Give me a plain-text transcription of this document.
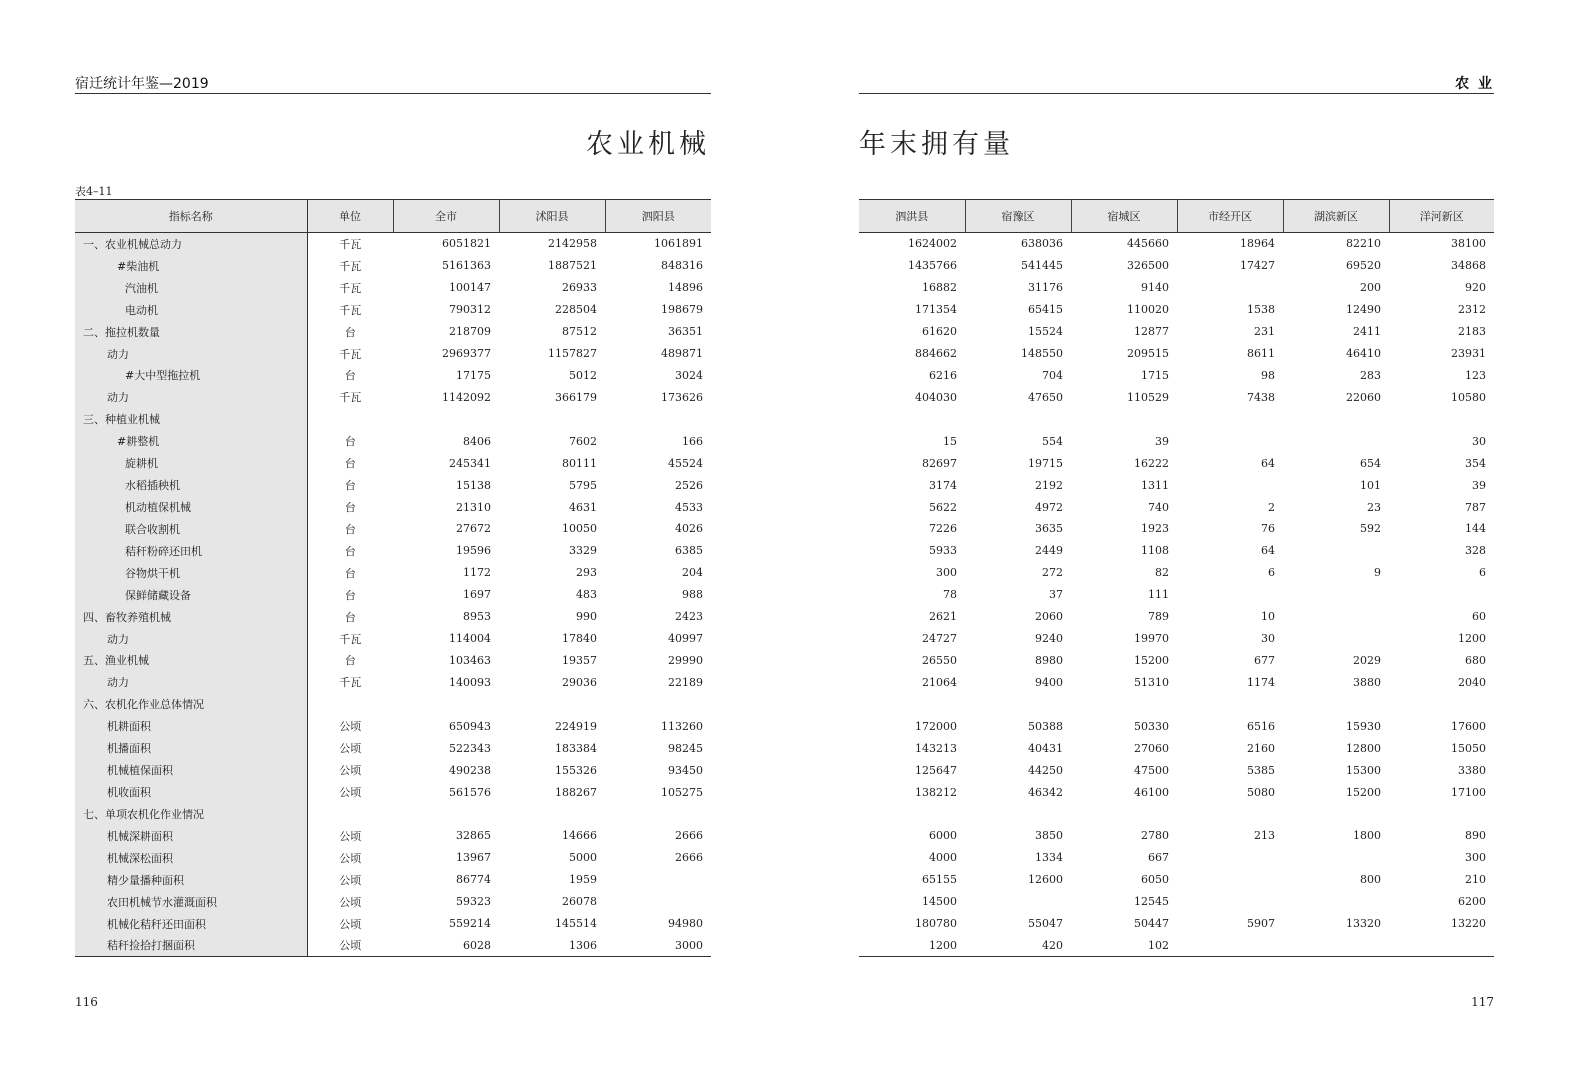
宿迁统计年鉴—2019
农业机械
表4–11
指标名称	单位	全市	沭阳县	泗阳县
一、农业机械总动力	千瓦	6051821	2142958	1061891
#柴油机	千瓦	5161363	1887521	848316
汽油机	千瓦	100147	26933	14896
电动机	千瓦	790312	228504	198679
二、拖拉机数量	台	218709	87512	36351
动力	千瓦	2969377	1157827	489871
#大中型拖拉机	台	17175	5012	3024
动力	千瓦	1142092	366179	173626
三、种植业机械				
#耕整机	台	8406	7602	166
旋耕机	台	245341	80111	45524
水稻插秧机	台	15138	5795	2526
机动植保机械	台	21310	4631	4533
联合收割机	台	27672	10050	4026
秸秆粉碎还田机	台	19596	3329	6385
谷物烘干机	台	1172	293	204
保鲜储藏设备	台	1697	483	988
四、畜牧养殖机械	台	8953	990	2423
动力	千瓦	114004	17840	40997
五、渔业机械	台	103463	19357	29990
动力	千瓦	140093	29036	22189
六、农机化作业总体情况				
机耕面积	公顷	650943	224919	113260
机播面积	公顷	522343	183384	98245
机械植保面积	公顷	490238	155326	93450
机收面积	公顷	561576	188267	105275
七、单项农机化作业情况				
机械深耕面积	公顷	32865	14666	2666
机械深松面积	公顷	13967	5000	2666
精少量播种面积	公顷	86774	1959	
农田机械节水灌溉面积	公顷	59323	26078	
机械化秸秆还田面积	公顷	559214	145514	94980
秸秆捡拾打捆面积	公顷	6028	1306	3000
116
农 业
年末拥有量
泗洪县	宿豫区	宿城区	市经开区	湖滨新区	洋河新区
1624002	638036	445660	18964	82210	38100
1435766	541445	326500	17427	69520	34868
16882	31176	9140		200	920
171354	65415	110020	1538	12490	2312
61620	15524	12877	231	2411	2183
884662	148550	209515	8611	46410	23931
6216	704	1715	98	283	123
404030	47650	110529	7438	22060	10580

15	554	39			30
82697	19715	16222	64	654	354
3174	2192	1311		101	39
5622	4972	740	2	23	787
7226	3635	1923	76	592	144
5933	2449	1108	64		328
300	272	82	6	9	6
78	37	111			
2621	2060	789	10		60
24727	9240	19970	30		1200
26550	8980	15200	677	2029	680
21064	9400	51310	1174	3880	2040

172000	50388	50330	6516	15930	17600
143213	40431	27060	2160	12800	15050
125647	44250	47500	5385	15300	3380
138212	46342	46100	5080	15200	17100

6000	3850	2780	213	1800	890
4000	1334	667			300
65155	12600	6050		800	210
14500		12545			6200
180780	55047	50447	5907	13320	13220
1200	420	102			
117
